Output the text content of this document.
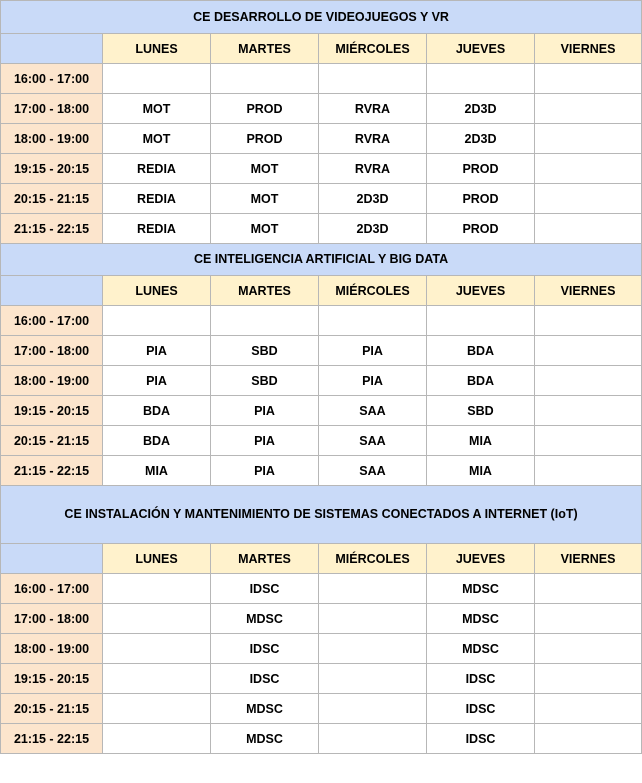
CE DESARROLLO DE VIDEOJUEGOS Y VR					
	LUNES	MARTES	MIÉRCOLES	JUEVES	VIERNES
16:00 - 17:00					
17:00 - 18:00	MOT	PROD	RVRA	2D3D	
18:00 - 19:00	MOT	PROD	RVRA	2D3D	
19:15 - 20:15	REDIA	MOT	RVRA	PROD	
20:15 - 21:15	REDIA	MOT	2D3D	PROD	
21:15 - 22:15	REDIA	MOT	2D3D	PROD	
CE INTELIGENCIA ARTIFICIAL Y BIG DATA					
	LUNES	MARTES	MIÉRCOLES	JUEVES	VIERNES
16:00 - 17:00					
17:00 - 18:00	PIA	SBD	PIA	BDA	
18:00 - 19:00	PIA	SBD	PIA	BDA	
19:15 - 20:15	BDA	PIA	SAA	SBD	
20:15 - 21:15	BDA	PIA	SAA	MIA	
21:15 - 22:15	MIA	PIA	SAA	MIA	
CE INSTALACIÓN Y MANTENIMIENTO DE SISTEMAS CONECTADOS A INTERNET (IoT)					
	LUNES	MARTES	MIÉRCOLES	JUEVES	VIERNES
16:00 - 17:00		IDSC		MDSC	
17:00 - 18:00		MDSC		MDSC	
18:00 - 19:00		IDSC		MDSC	
19:15 - 20:15		IDSC		IDSC	
20:15 - 21:15		MDSC		IDSC	
21:15 - 22:15		MDSC		IDSC	
